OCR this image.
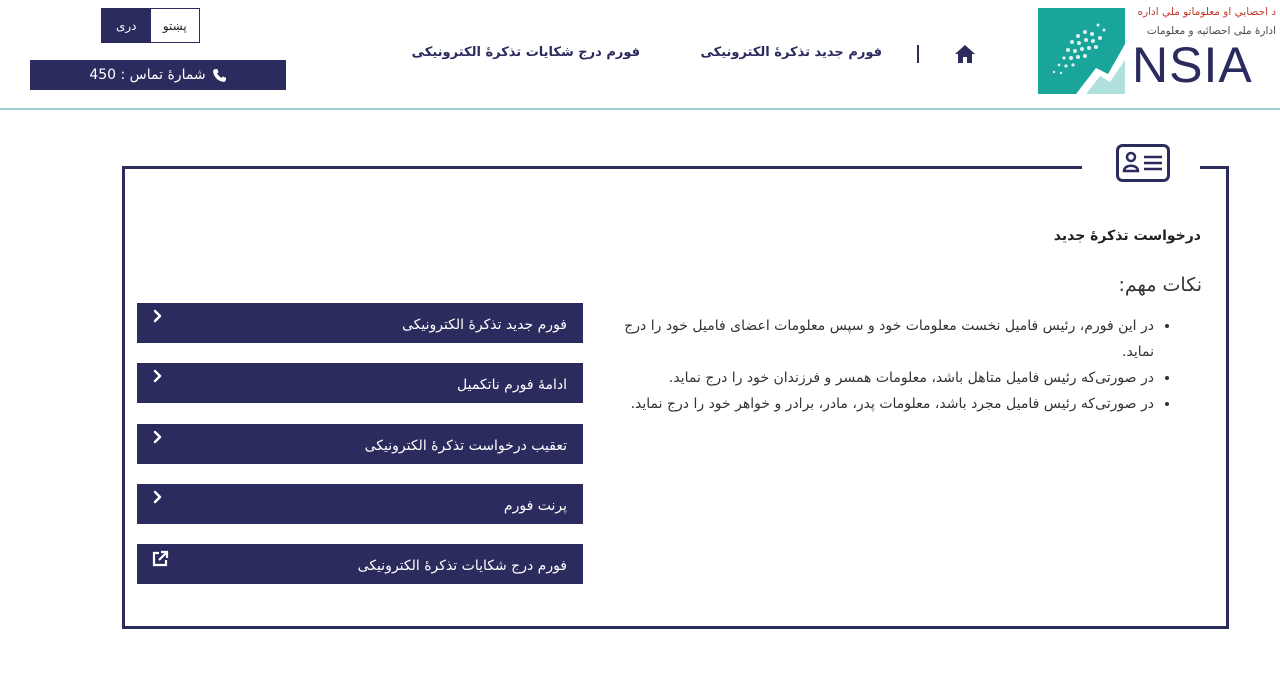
د احصايي او معلوماتو ملي اداره
ادارهٔ ملی احصائیه و معلومات
NSIA
فورم جدید تذکرهٔ الکترونیکی
فورم درج شکایات تذکرهٔ الکترونیکی
دری	پښتو
شمارهٔ تماس : 450
درخواست تذکرهٔ جدید
نکات مهم:
• در این فورم، رئیس فامیل نخست معلومات خود و سپس معلومات اعضای فامیل خود را درج نماید.
• در صورتی‌که رئیس فامیل متاهل باشد، معلومات همسر و فرزندان خود را درج نماید.
• در صورتی‌که رئیس فامیل مجرد باشد، معلومات پدر، مادر، برادر و خواهر خود را درج نماید.
فورم جدید تذکرهٔ الکترونیکی
ادامهٔ فورم ناتکمیل
تعقیب درخواست تذکرهٔ الکترونیکی
پرنت فورم
فورم درج شکایات تذکرهٔ الکترونیکی
